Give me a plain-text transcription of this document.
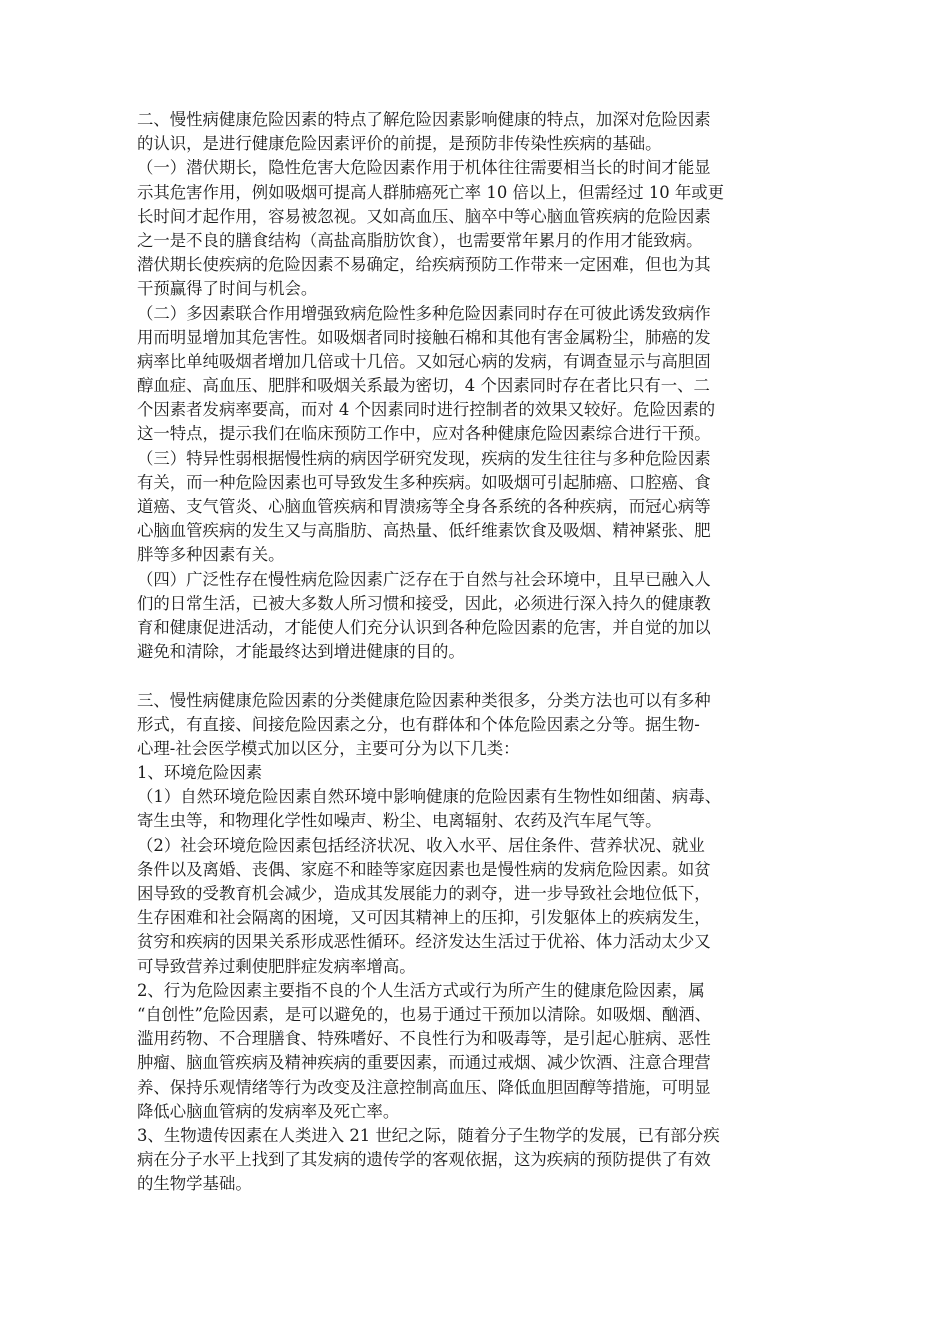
二、慢性病健康危险因素的特点了解危险因素影响健康的特点，加深对危险因素
的认识，是进行健康危险因素评价的前提，是预防非传染性疾病的基础。
（一）潜伏期长，隐性危害大危险因素作用于机体往往需要相当长的时间才能显
示其危害作用，例如吸烟可提高人群肺癌死亡率 10 倍以上，但需经过 10 年或更
长时间才起作用，容易被忽视。又如高血压、脑卒中等心脑血管疾病的危险因素
之一是不良的膳食结构（高盐高脂肪饮食），也需要常年累月的作用才能致病。
潜伏期长使疾病的危险因素不易确定，给疾病预防工作带来一定困难，但也为其
干预赢得了时间与机会。
（二）多因素联合作用增强致病危险性多种危险因素同时存在可彼此诱发致病作
用而明显增加其危害性。如吸烟者同时接触石棉和其他有害金属粉尘，肺癌的发
病率比单纯吸烟者增加几倍或十几倍。又如冠心病的发病，有调查显示与高胆固
醇血症、高血压、肥胖和吸烟关系最为密切，4 个因素同时存在者比只有一、二
个因素者发病率要高，而对 4 个因素同时进行控制者的效果又较好。危险因素的
这一特点，提示我们在临床预防工作中，应对各种健康危险因素综合进行干预。
（三）特异性弱根据慢性病的病因学研究发现，疾病的发生往往与多种危险因素
有关，而一种危险因素也可导致发生多种疾病。如吸烟可引起肺癌、口腔癌、食
道癌、支气管炎、心脑血管疾病和胃溃疡等全身各系统的各种疾病，而冠心病等
心脑血管疾病的发生又与高脂肪、高热量、低纤维素饮食及吸烟、精神紧张、肥
胖等多种因素有关。
（四）广泛性存在慢性病危险因素广泛存在于自然与社会环境中，且早已融入人
们的日常生活，已被大多数人所习惯和接受，因此，必须进行深入持久的健康教
育和健康促进活动，才能使人们充分认识到各种危险因素的危害，并自觉的加以
避免和清除，才能最终达到增进健康的目的。
三、慢性病健康危险因素的分类健康危险因素种类很多，分类方法也可以有多种
形式，有直接、间接危险因素之分，也有群体和个体危险因素之分等。据生物-
心理-社会医学模式加以区分，主要可分为以下几类：
1、环境危险因素
（1）自然环境危险因素自然环境中影响健康的危险因素有生物性如细菌、病毒、
寄生虫等，和物理化学性如噪声、粉尘、电离辐射、农药及汽车尾气等。
（2）社会环境危险因素包括经济状况、收入水平、居住条件、营养状况、就业
条件以及离婚、丧偶、家庭不和睦等家庭因素也是慢性病的发病危险因素。如贫
困导致的受教育机会减少，造成其发展能力的剥夺，进一步导致社会地位低下，
生存困难和社会隔离的困境，又可因其精神上的压抑，引发躯体上的疾病发生，
贫穷和疾病的因果关系形成恶性循环。经济发达生活过于优裕、体力活动太少又
可导致营养过剩使肥胖症发病率增高。
2、行为危险因素主要指不良的个人生活方式或行为所产生的健康危险因素，属
“自创性”危险因素，是可以避免的，也易于通过干预加以清除。如吸烟、酗酒、
滥用药物、不合理膳食、特殊嗜好、不良性行为和吸毒等，是引起心脏病、恶性
肿瘤、脑血管疾病及精神疾病的重要因素，而通过戒烟、减少饮酒、注意合理营
养、保持乐观情绪等行为改变及注意控制高血压、降低血胆固醇等措施，可明显
降低心脑血管病的发病率及死亡率。
3、生物遗传因素在人类进入 21 世纪之际，随着分子生物学的发展，已有部分疾
病在分子水平上找到了其发病的遗传学的客观依据，这为疾病的预防提供了有效
的生物学基础。
